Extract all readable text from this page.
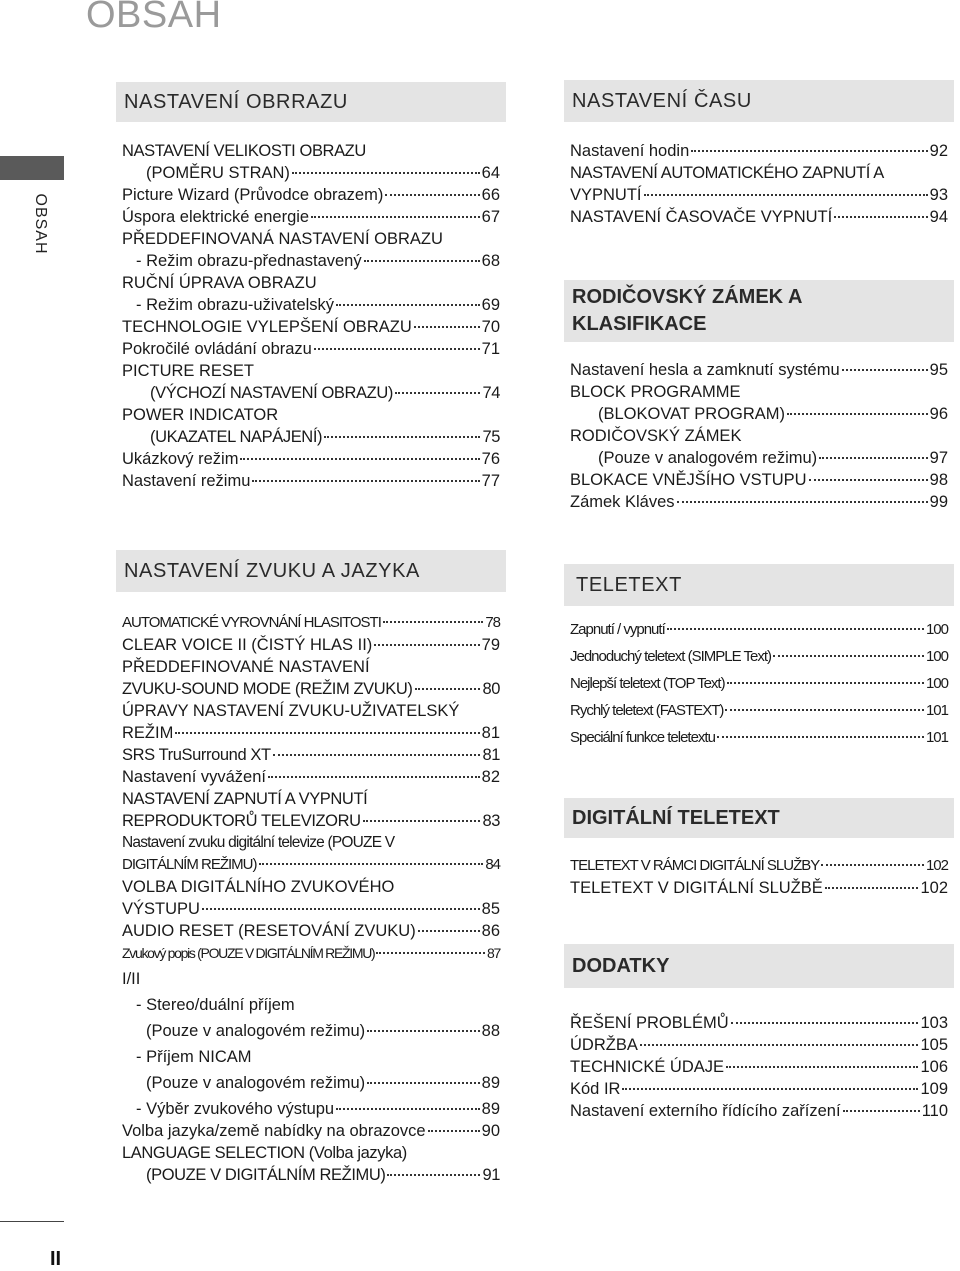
OBSAH
OBSAH
II
NASTAVENÍ OBRRAZU
NASTAVENÍ VELIKOSTI OBRAZU
(POMĚRU STRAN)	64
Picture Wizard (Průvodce obrazem)	66
Úspora elektrické energie	67
PŘEDDEFINOVANÁ NASTAVENÍ OBRAZU
- Režim obrazu-přednastavený	68
RUČNÍ ÚPRAVA OBRAZU
- Režim obrazu-uživatelský	69
TECHNOLOGIE VYLEPŠENÍ OBRAZU	70
Pokročilé ovládání obrazu	71
PICTURE RESET
(VÝCHOZÍ NASTAVENÍ OBRAZU)	74
POWER INDICATOR
(UKAZATEL NAPÁJENÍ)	75
Ukázkový režim	76
Nastavení režimu	77
NASTAVENÍ ZVUKU A JAZYKA
AUTOMATICKÉ VYROVNÁNÍ HLASITOSTI	78
CLEAR VOICE II (ČISTÝ HLAS II)	79
PŘEDDEFINOVANÉ NASTAVENÍ
ZVUKU-SOUND MODE (REŽIM ZVUKU)	80
ÚPRAVY NASTAVENÍ ZVUKU-UŽIVATELSKÝ
REŽIM	81
SRS TruSurround XT	81
Nastavení vyvážení	82
NASTAVENÍ ZAPNUTÍ A VYPNUTÍ
REPRODUKTORŮ TELEVIZORU	83
Nastavení zvuku digitální televize (POUZE V
DIGITÁLNÍM REŽIMU)	84
VOLBA DIGITÁLNÍHO ZVUKOVÉHO
VÝSTUPU	85
AUDIO RESET (RESETOVÁNÍ ZVUKU)	86
Zvukový popis (POUZE V DIGITÁLNÍM REŽIMU)	87
I/II
- Stereo/duální příjem
(Pouze v analogovém režimu)	88
- Příjem NICAM
(Pouze v analogovém režimu)	89
- Výběr zvukového výstupu	89
Volba jazyka/země nabídky na obrazovce	90
LANGUAGE SELECTION (Volba jazyka)
(POUZE V DIGITÁLNÍM REŽIMU)	91
NASTAVENÍ ČASU
Nastavení hodin	92
NASTAVENÍ AUTOMATICKÉHO ZAPNUTÍ A
VYPNUTÍ	93
NASTAVENÍ ČASOVAČE VYPNUTÍ	94
RODIČOVSKÝ ZÁMEK A
KLASIFIKACE
Nastavení hesla a zamknutí systému	95
BLOCK PROGRAMME
(BLOKOVAT PROGRAM)	96
RODIČOVSKÝ ZÁMEK
(Pouze v analogovém režimu)	97
BLOKACE VNĚJŠÍHO VSTUPU	98
Zámek Kláves	99
TELETEXT
Zapnutí / vypnutí	100
Jednoduchý teletext (SIMPLE Text)	100
Nejlepší teletext (TOP Text)	100
Rychlý teletext (FASTEXT)	101
Speciální funkce teletextu	101
DIGITÁLNÍ TELETEXT
TELETEXT V RÁMCI DIGITÁLNÍ SLUŽBY	102
TELETEXT V DIGITÁLNÍ SLUŽBĚ	102
DODATKY
ŘEŠENÍ PROBLÉMŮ	103
ÚDRŽBA	105
TECHNICKÉ ÚDAJE	106
Kód IR	109
Nastavení externího řídícího zařízení	110
